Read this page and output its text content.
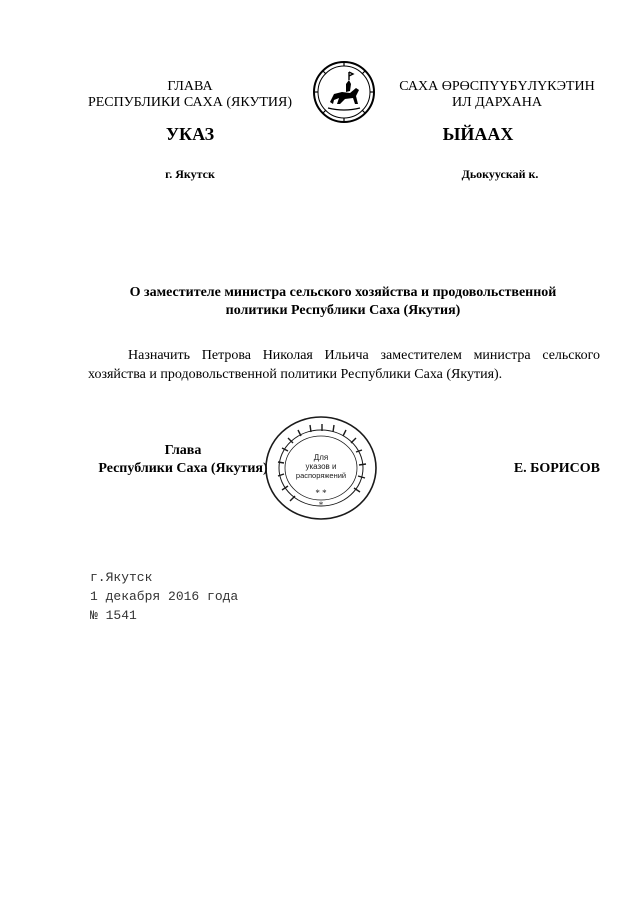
ГЛАВА
РЕСПУБЛИКИ САХА (ЯКУТИЯ)
САХА ӨРӨСПҮҮБҮЛҮКЭТИН
ИЛ ДАРХАНА
УКАЗ	ЫЙААХ
г. Якутск	Дьокуускай к.
О заместителе министра сельского хозяйства и продовольственной
политики Республики Саха (Якутия)
Назначить Петрова Николая Ильича заместителем министра сельского хозяйства и продовольственной политики Республики Саха (Якутия).
Глава
Республики Саха (Якутия)
* *
*
Для
указов и
распоряжений	Е. БОРИСОВ
г.Якутск
1 декабря 2016 года
№ 1541
